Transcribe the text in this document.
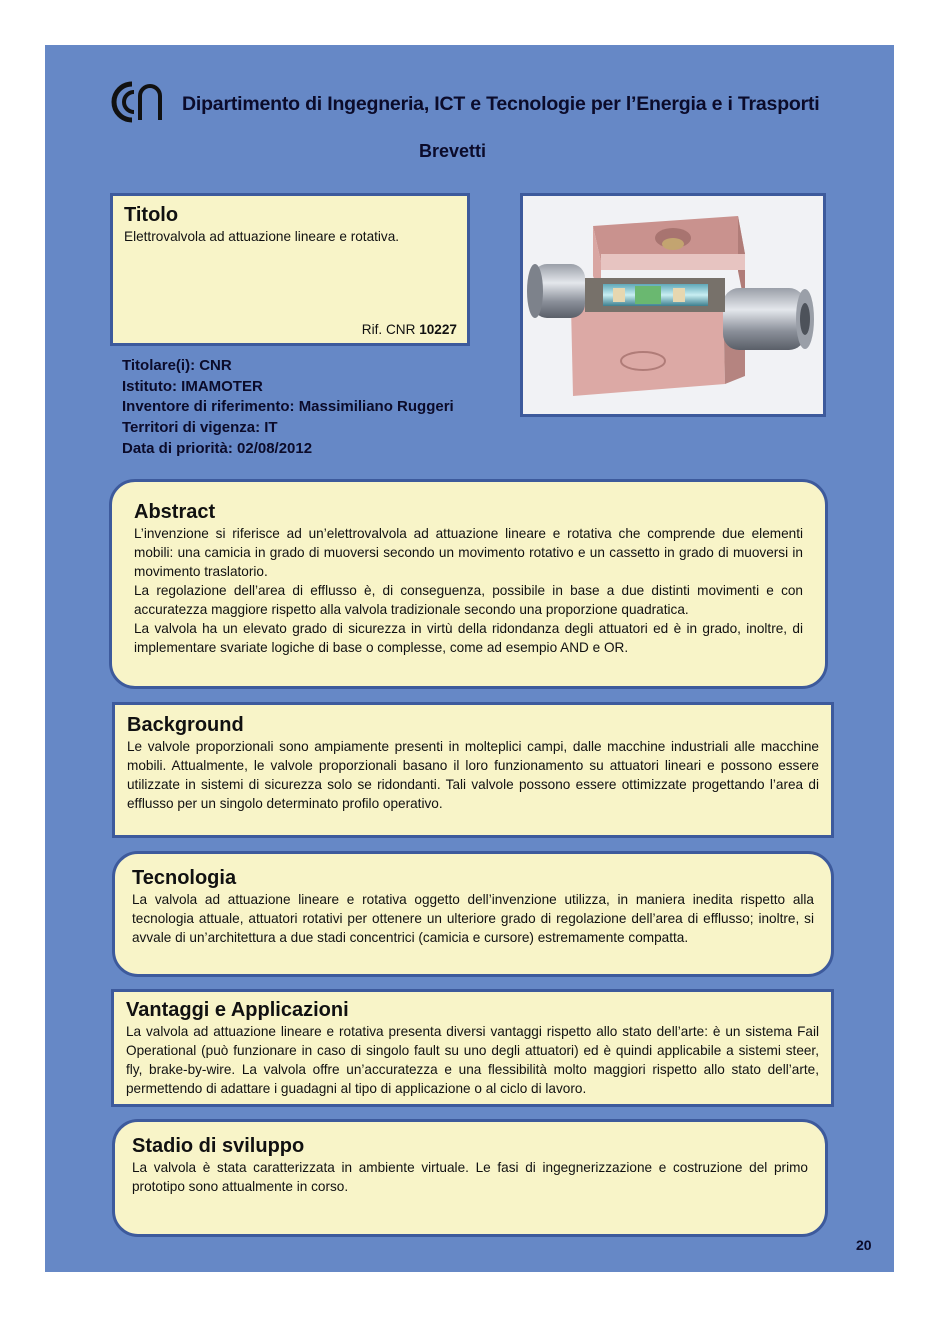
Dipartimento di Ingegneria, ICT e Tecnologie per l’Energia e i Trasporti
Brevetti
Titolo

Elettrovalvola ad attuazione lineare e rotativa.

Rif. CNR 10227
Titolare(i): CNR
Istituto: IMAMOTER
Inventore di riferimento: Massimiliano Ruggeri
Territori di vigenza: IT
Data di priorità: 02/08/2012
Abstract

L’invenzione si riferisce ad un’elettrovalvola ad attuazione lineare e rotativa che comprende due elementi mobili: una camicia in grado di muoversi secondo un movimento rotativo e un cassetto in grado di muoversi in movimento traslatorio.

La regolazione dell’area di efflusso è, di conseguenza, possibile in base a due distinti movimenti e con accuratezza maggiore rispetto alla valvola tradizionale secondo una proporzione quadratica.

La valvola ha un elevato grado di sicurezza in virtù della ridondanza degli attuatori ed è in grado, inoltre, di implementare svariate logiche di base o complesse, come ad esempio AND e OR.

Background

Le valvole proporzionali sono ampiamente presenti in molteplici campi, dalle macchine industriali alle macchine mobili. Attualmente, le valvole proporzionali basano il loro funzionamento su attuatori lineari e possono essere utilizzate in sistemi di sicurezza solo se ridondanti. Tali valvole possono essere ottimizzate progettando l’area di efflusso per un singolo determinato profilo operativo.

Tecnologia

La valvola ad attuazione lineare e rotativa oggetto dell’invenzione utilizza, in maniera inedita rispetto alla tecnologia attuale, attuatori rotativi per ottenere un ulteriore grado di regolazione dell’area di efflusso; inoltre, si avvale di un’architettura a due stadi concentrici (camicia e cursore) estremamente compatta.

Vantaggi e Applicazioni

La valvola ad attuazione lineare e rotativa presenta diversi vantaggi rispetto allo stato dell’arte: è un sistema Fail Operational (può funzionare in caso di singolo fault su uno degli attuatori) ed è quindi applicabile a sistemi steer, fly, brake-by-wire. La valvola offre un’accuratezza e una flessibilità molto maggiori rispetto allo stato dell’arte, permettendo di adattare i guadagni al tipo di applicazione o al ciclo di lavoro.

Stadio di sviluppo

La valvola è stata caratterizzata in ambiente virtuale. Le fasi di ingegnerizzazione e costruzione del primo prototipo sono attualmente in corso.

20
